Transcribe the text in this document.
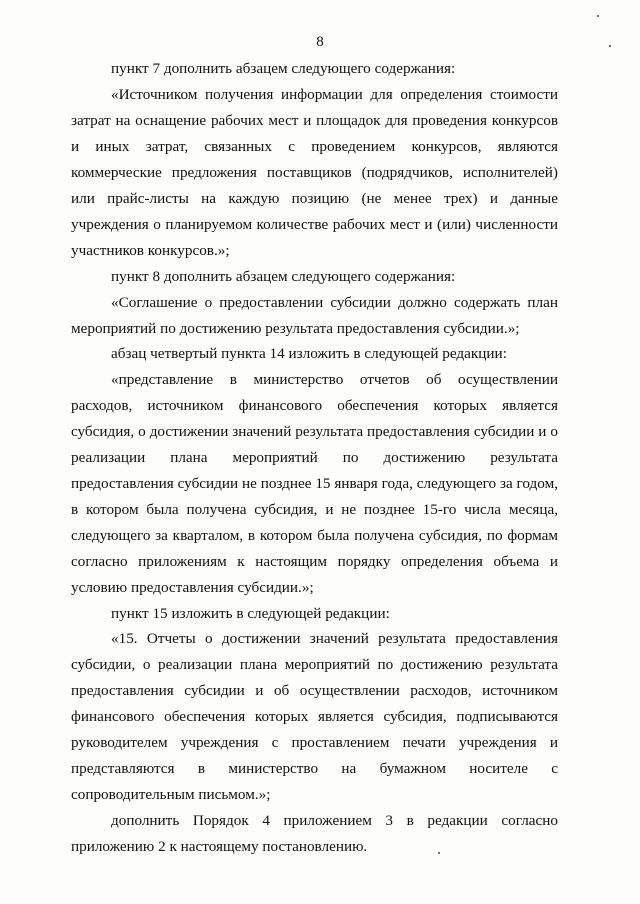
8

пункт 7 дополнить абзацем следующего содержания:

«Источником получения информации для определения стоимости затрат на оснащение рабочих мест и площадок для проведения конкурсов и иных затрат, связанных с проведением конкурсов, являются коммерческие предложения поставщиков (подрядчиков, исполнителей) или прайс-листы на каждую позицию (не менее трех) и данные учреждения о планируемом количестве рабочих мест и (или) численности участников конкурсов.»;

пункт 8 дополнить абзацем следующего содержания:

«Соглашение о предоставлении субсидии должно содержать план мероприятий по достижению результата предоставления субсидии.»;

абзац четвертый пункта 14 изложить в следующей редакции:

«представление в министерство отчетов об осуществлении расходов, источником финансового обеспечения которых является субсидия, о достижении значений результата предоставления субсидии и о реализации плана мероприятий по достижению результата предоставления субсидии не позднее 15 января года, следующего за годом, в котором была получена субсидия, и не позднее 15-го числа месяца, следующего за кварталом, в котором была получена субсидия, по формам согласно приложениям к настоящим порядку определения объема и условию предоставления субсидии.»;

пункт 15 изложить в следующей редакции:

«15. Отчеты о достижении значений результата предоставления субсидии, о реализации плана мероприятий по достижению результата предоставления субсидии и об осуществлении расходов, источником финансового обеспечения которых является субсидия, подписываются руководителем учреждения с проставлением печати учреждения и представляются в министерство на бумажном носителе с сопроводительным письмом.»;

дополнить Порядок 4 приложением 3 в редакции согласно приложению 2 к настоящему постановлению.
